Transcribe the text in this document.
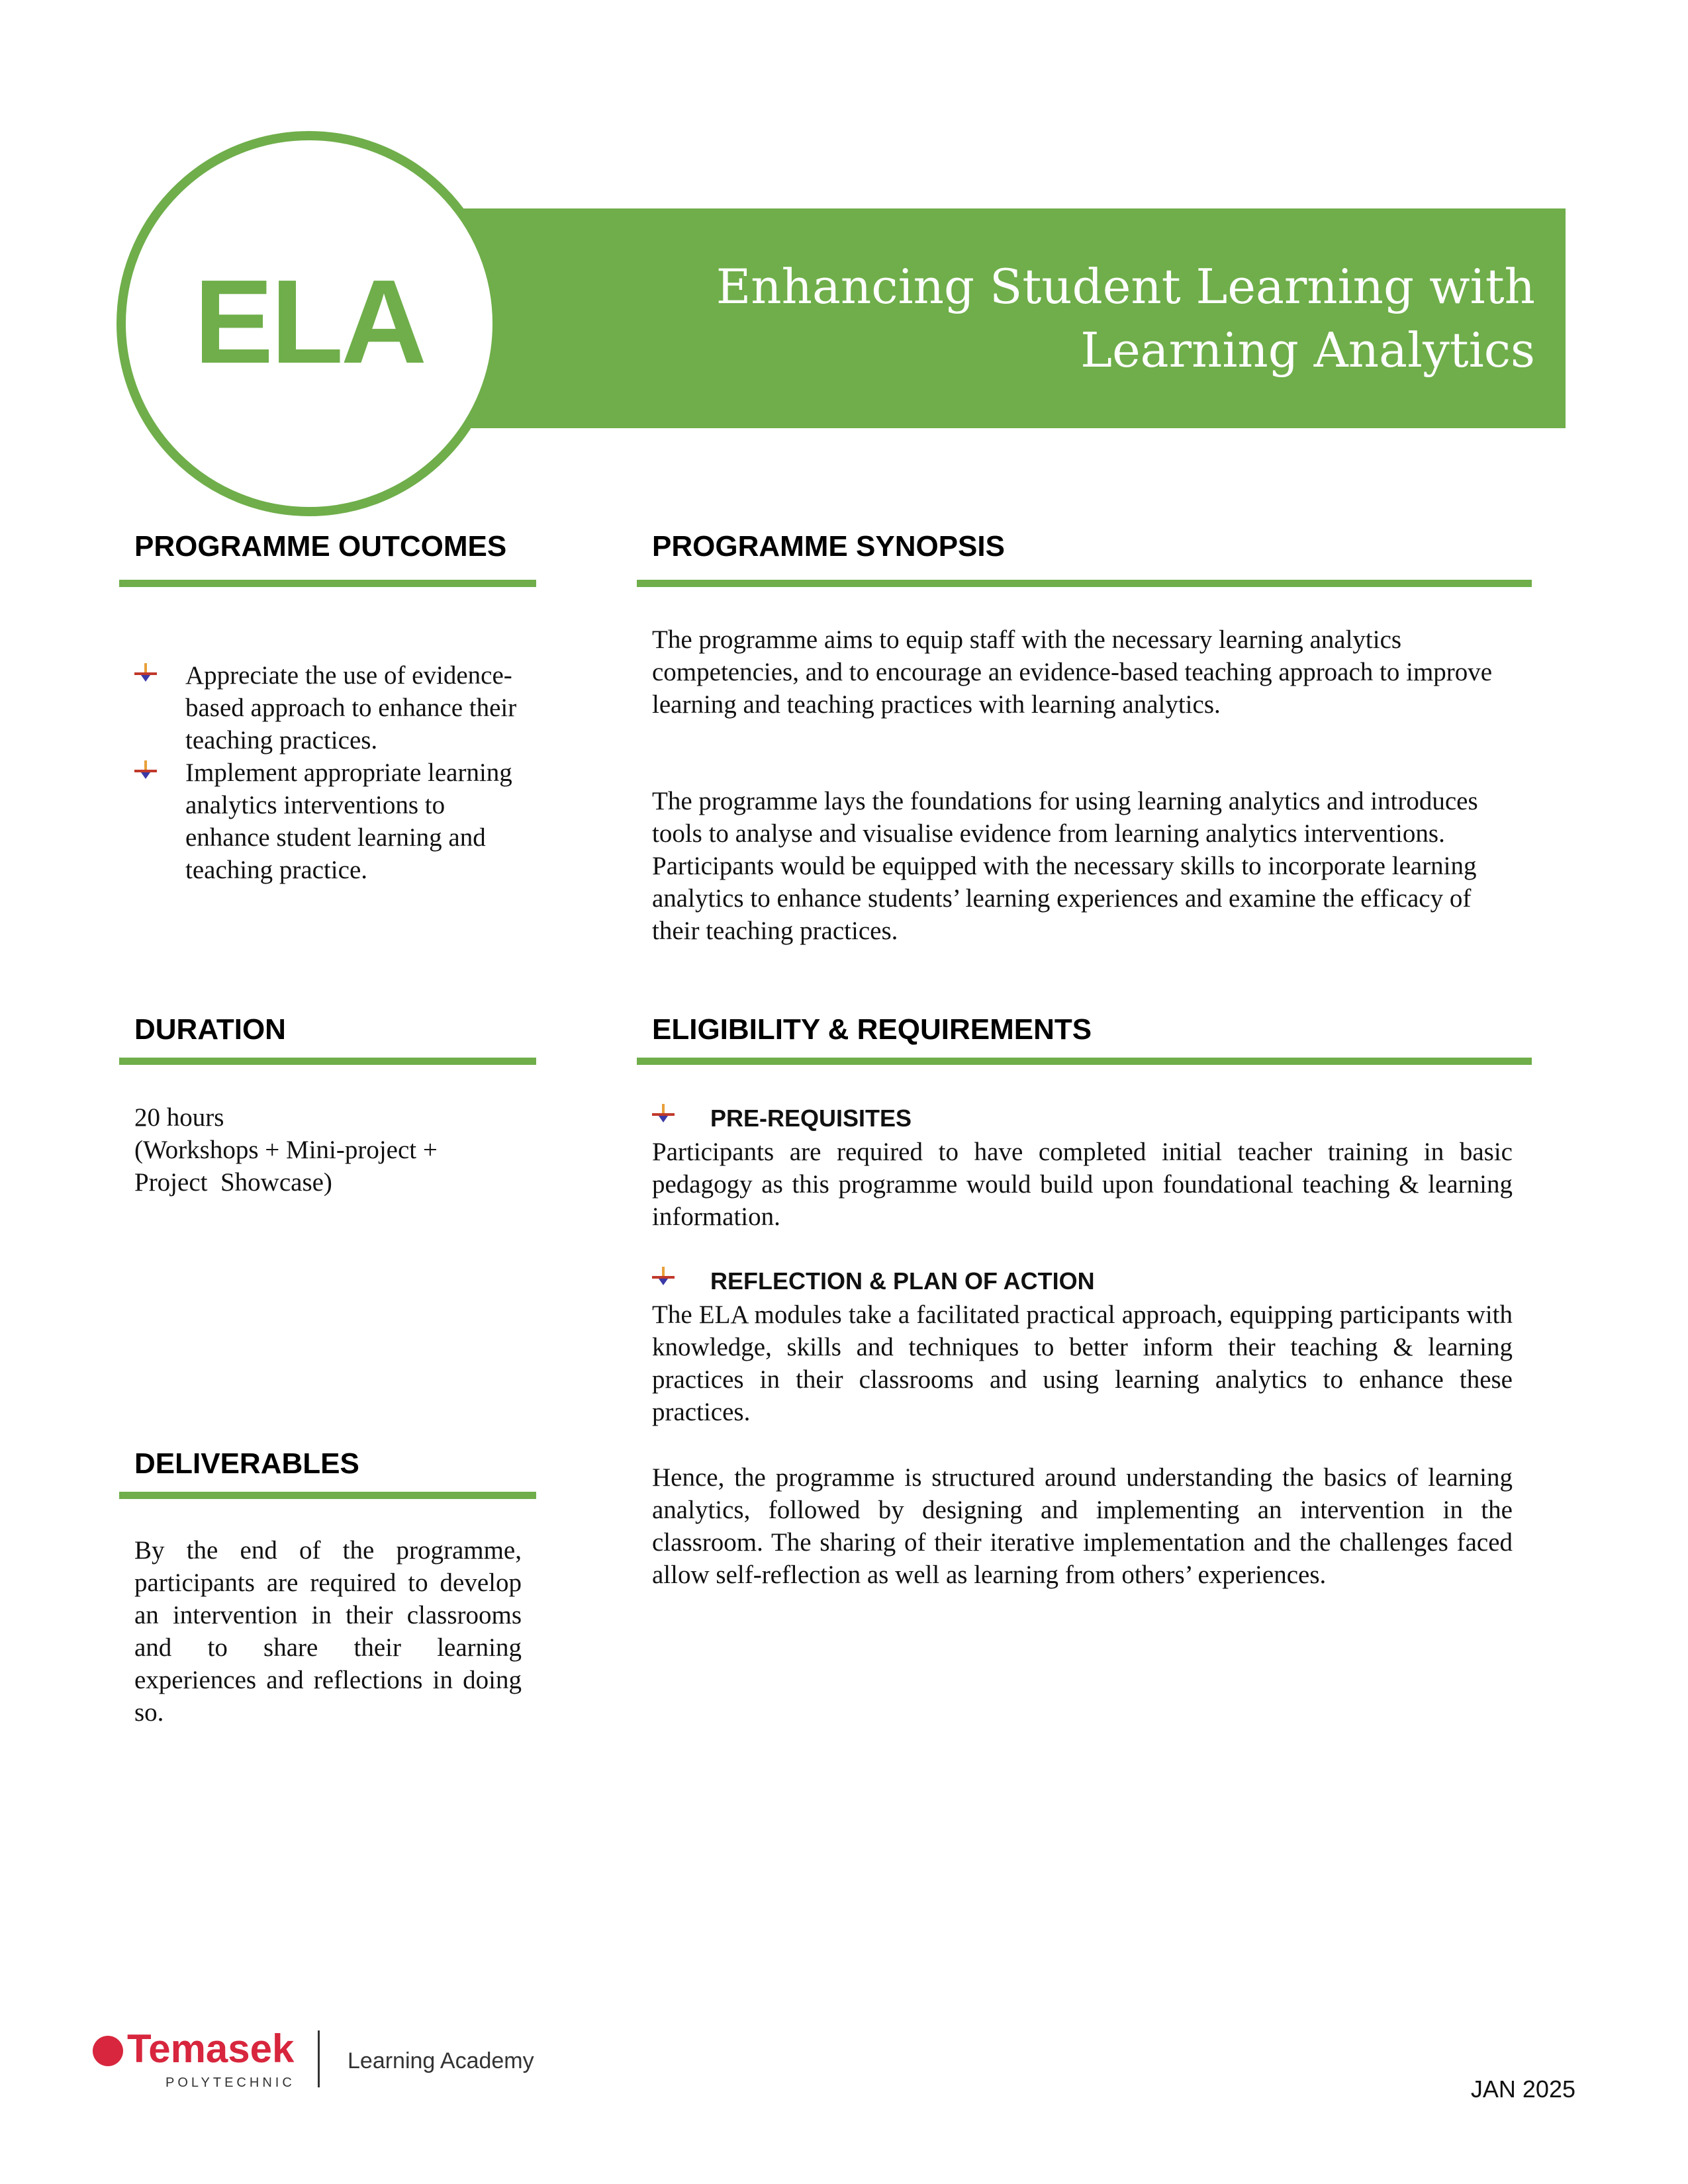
Enhancing Student Learning with
Learning Analytics
ELA
PROGRAMME OUTCOMES
Appreciate the use of evidence-based approach to enhance their teaching practices.
Implement appropriate learning analytics interventions to enhance student learning and teaching practice.
PROGRAMME SYNOPSIS
The programme aims to equip staff with the necessary learning analytics competencies, and to encourage an evidence-based teaching approach to improve learning and teaching practices with learning analytics.
The programme lays the foundations for using learning analytics and introduces tools to analyse and visualise evidence from learning analytics interventions. Participants would be equipped with the necessary skills to incorporate learning analytics to enhance students’ learning experiences and examine the efficacy of their teaching practices.
DURATION
20 hours
(Workshops + Mini-project +
Project  Showcase)
ELIGIBILITY & REQUIREMENTS
PRE-REQUISITES
Participants are required to have completed initial teacher training in basic pedagogy as this programme would build upon foundational teaching & learning information.
REFLECTION & PLAN OF ACTION
The ELA modules take a facilitated practical approach, equipping participants with knowledge, skills and techniques to better inform their teaching & learning practices in their classrooms and using learning analytics to enhance these practices.
Hence, the programme is structured around understanding the basics of learning analytics, followed by designing and implementing an intervention in the classroom. The sharing of their iterative implementation and the challenges faced allow self-reflection as well as learning from others’ experiences.
DELIVERABLES
By the end of the programme, participants are required to develop an intervention in their classrooms and to share their learning experiences and reflections in doing so.
Temasek
POLYTECHNIC
Learning Academy
JAN 2025
